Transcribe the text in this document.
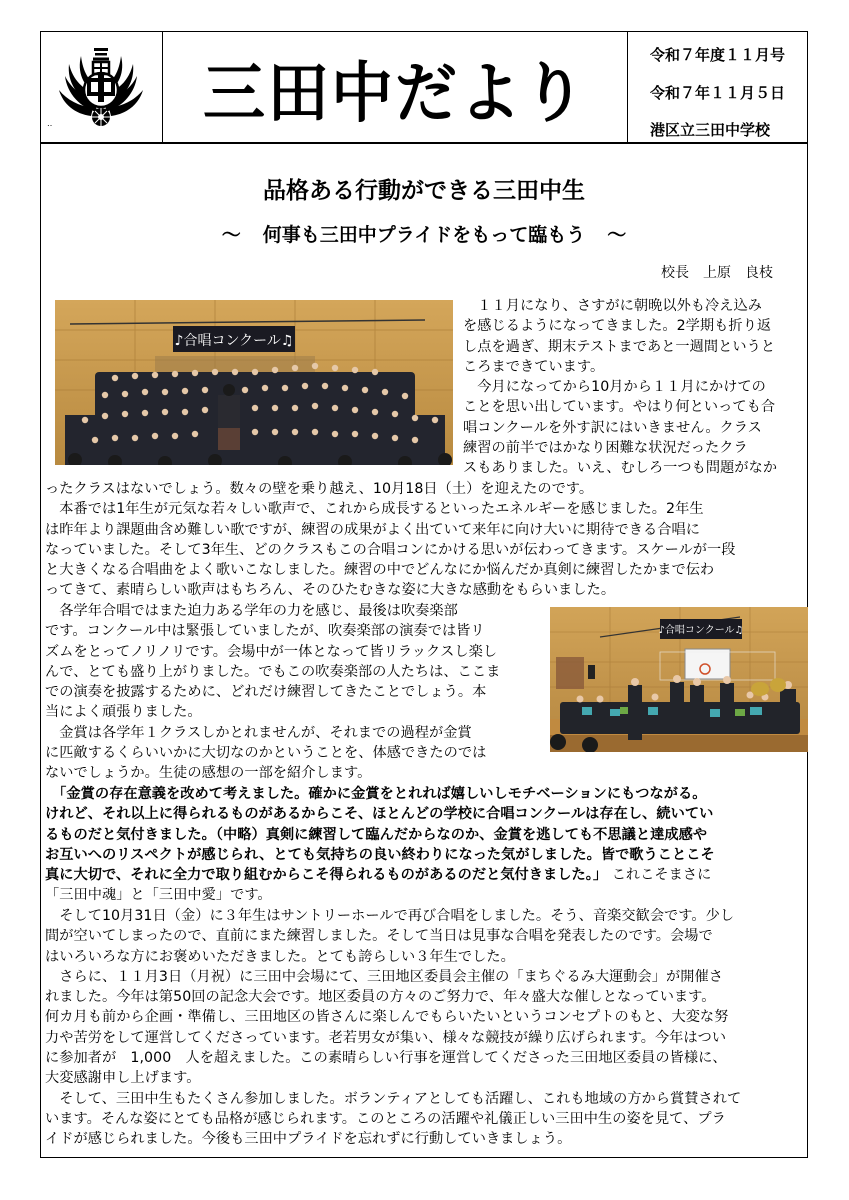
‥ 三田中だより	令和７年度１１月号
令和７年１１月５日
港区立三田中学校
品格ある行動ができる三田中生
～ 何事も三田中プライドをもって臨もう ～
校長 上原　良枝
♪合唱コンクール♫
　１１月になり、さすがに朝晩以外も冷え込み
を感じるようになってきました。2学期も折り返
し点を過ぎ、期末テストまであと一週間というと
ころまできています。
　今月になってから10月から１１月にかけての
ことを思い出しています。やはり何といっても合
唱コンクールを外す訳にはいきません。クラス
練習の前半ではかなり困難な状況だったクラ
スもありました。いえ、むしろ一つも問題がなか
ったクラスはないでしょう。数々の壁を乗り越え、10月18日（土）を迎えたのです。
　本番では1年生が元気な若々しい歌声で、これから成長するといったエネルギーを感じました。2年生
は昨年より課題曲含め難しい歌ですが、練習の成果がよく出ていて来年に向け大いに期待できる合唱に
なっていました。そして3年生、どのクラスもこの合唱コンにかける思いが伝わってきます。スケールが一段
と大きくなる合唱曲をよく歌いこなしました。練習の中でどんなにか悩んだか真剣に練習したかまで伝わ
ってきて、素晴らしい歌声はもちろん、そのひたむきな姿に大きな感動をもらいました。
　各学年合唱ではまた迫力ある学年の力を感じ、最後は吹奏楽部
です。コンクール中は緊張していましたが、吹奏楽部の演奏では皆リ
ズムをとってノリノリです。会場中が一体となって皆リラックスし楽し
んで、とても盛り上がりました。でもこの吹奏楽部の人たちは、ここま
での演奏を披露するために、どれだけ練習してきたことでしょう。本
当によく頑張りました。
　金賞は各学年１クラスしかとれませんが、それまでの過程が金賞
に匹敵するくらいいかに大切なのかということを、体感できたのでは
ないでしょうか。生徒の感想の一部を紹介します。
♪合唱コンクール♫
　「金賞の存在意義を改めて考えました。確かに金賞をとれれば嬉しいしモチベーションにもつながる。
けれど、それ以上に得られるものがあるからこそ、ほとんどの学校に合唱コンクールは存在し、続いてい
るものだと気付きました。（中略）真剣に練習して臨んだからなのか、金賞を逃しても不思議と達成感や
お互いへのリスペクトが感じられ、とても気持ちの良い終わりになった気がしました。皆で歌うことこそ
真に大切で、それに全力で取り組むからこそ得られるものがあるのだと気付きました。」 これこそまさに
「三田中魂」と「三田中愛」です。
　そして10月31日（金）に３年生はサントリーホールで再び合唱をしました。そう、音楽交歓会です。少し
間が空いてしまったので、直前にまた練習しました。そして当日は見事な合唱を発表したのです。会場で
はいろいろな方にお褒めいただきました。とても誇らしい３年生でした。
　さらに、１１月3日（月祝）に三田中会場にて、三田地区委員会主催の「まちぐるみ大運動会」が開催さ
れました。今年は第50回の記念大会です。地区委員の方々のご努力で、年々盛大な催しとなっています。
何カ月も前から企画・準備し、三田地区の皆さんに楽しんでもらいたいというコンセプトのもと、大変な努
力や苦労をして運営してくださっています。老若男女が集い、様々な競技が繰り広げられます。今年はつい
に参加者が　1,000　人を超えました。この素晴らしい行事を運営してくださった三田地区委員の皆様に、
大変感謝申し上げます。
　そして、三田中生もたくさん参加しました。ボランティアとしても活躍し、これも地域の方から賞賛されて
います。そんな姿にとても品格が感じられます。このところの活躍や礼儀正しい三田中生の姿を見て、プラ
イドが感じられました。今後も三田中プライドを忘れずに行動していきましょう。
